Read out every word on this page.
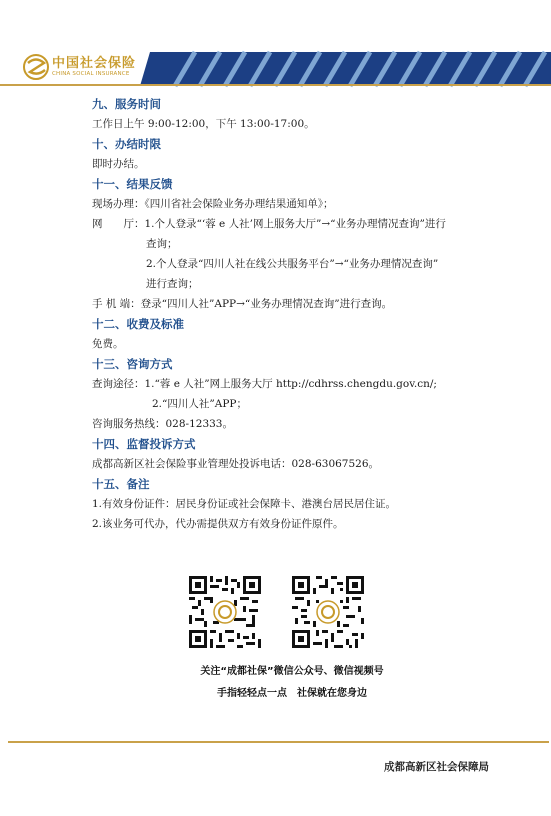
中国社会保险
CHINA SOCIAL INSURANCE
九、服务时间
工作日上午 9:00-12:00，下午 13:00-17:00。
十、办结时限
即时办结。
十一、结果反馈
现场办理：《四川省社会保险业务办理结果通知单》；
网　　厅：1.个人登录“‘蓉 e 人社’网上服务大厅”→“业务办理情况查询”进行
查询；
2.个人登录“四川人社在线公共服务平台”→“业务办理情况查询”
进行查询；
手 机 端：登录“四川人社”APP→“业务办理情况查询”进行查询。
十二、收费及标准
免费。
十三、咨询方式
查询途径：1.“蓉 e 人社”网上服务大厅 http://cdhrss.chengdu.gov.cn/;
2.“四川人社”APP；
咨询服务热线：028-12333。
十四、监督投诉方式
成都高新区社会保险事业管理处投诉电话：028-63067526。
十五、备注
1.有效身份证件：居民身份证或社会保障卡、港澳台居民居住证。
2.该业务可代办，代办需提供双方有效身份证件原件。
关注“成都社保”微信公众号、微信视频号
手指轻轻点一点　社保就在您身边
成都高新区社会保障局
